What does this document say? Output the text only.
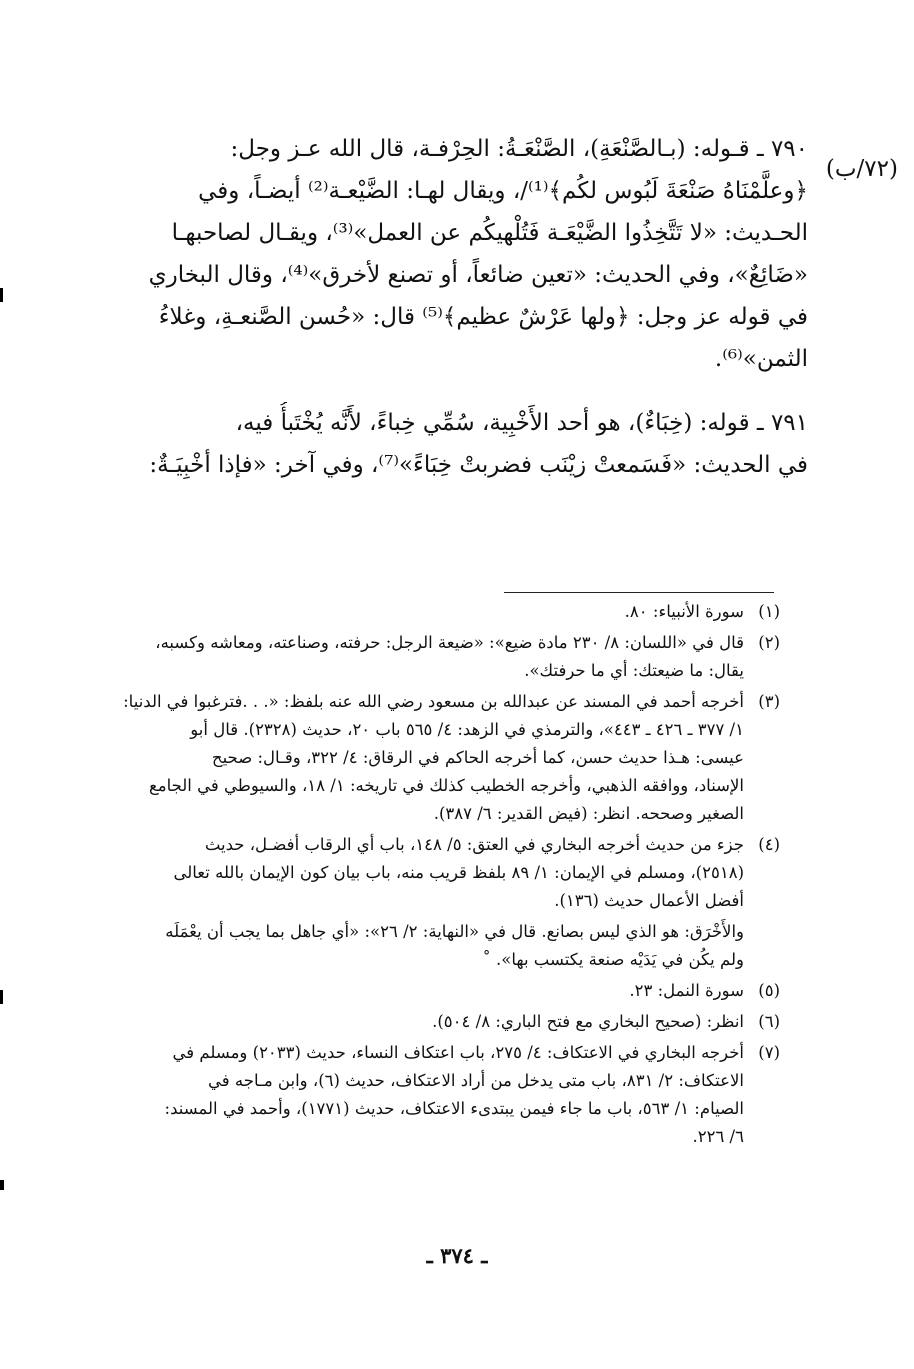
(٧٢/ب)

٧٩٠ ـ قـوله: (بـالصَّنْعَةِ)، الصَّنْعَـةُ: الحِرْفـة، قال الله عـز وجل:
﴿وعلَّمْنَاهُ صَنْعَةَ لَبُوس لكُم﴾⁽¹⁾/، ويقال لهـا: الضَّيْعـة⁽²⁾ أيضـاً، وفي
الحـديث: «لا تَتَّخِذُوا الضَّيْعَـة فَتُلْهيكُم عن العمل»⁽³⁾، ويقـال لصاحبهـا
«ضَائِعٌ»، وفي الحديث: «تعين ضائعاً، أو تصنع لأخرق»⁽⁴⁾، وقال البخاري
في قوله عز وجل: ﴿ولها عَرْشٌ عظيم﴾⁽⁵⁾ قال: «حُسن الصَّنعـةِ، وغلاءُ
الثمن»⁽⁶⁾.

٧٩١ ـ قوله: (خِبَاءٌ)، هو أحد الأَخْبِية، سُمِّي خِباءً، لأَنَّه يُخْتَبأُ فيه،
في الحديث: «فَسَمعتْ زيْنَب فضربتْ خِبَاءً»⁽⁷⁾، وفي آخر: «فإذا أخْبِيَـةٌ:

(١)
سورة الأنبياء: ٨٠.
(٢)
قال في «اللسان: ٨/ ٢٣٠ مادة ضيع»: «ضيعة الرجل: حرفته، وصناعته، ومعاشه وكسبه،
يقال: ما ضيعتك: أي ما حرفتك».
(٣)
أخرجه أحمد في المسند عن عبدالله بن مسعود رضي الله عنه بلفظ: «. . .فترغبوا في الدنيا:
١/ ٣٧٧ ـ ٤٢٦ ـ ٤٤٣»، والترمذي في الزهد: ٤/ ٥٦٥ باب ٢٠، حديث (٢٣٢٨). قال أبو
عيسى: هـذا حديث حسن، كما أخرجه الحاكم في الرقاق: ٤/ ٣٢٢، وقـال: صحيح
الإسناد، ووافقه الذهبي، وأخرجه الخطيب كذلك في تاريخه: ١/ ١٨، والسيوطي في الجامع
الصغير وصححه. انظر: (فيض القدير: ٦/ ٣٨٧).
(٤)
جزء من حديث أخرجه البخاري في العتق: ٥/ ١٤٨، باب أي الرقاب أفضـل، حديث
(٢٥١٨)، ومسلم في الإيمان: ١/ ٨٩ بلفظ قريب منه، باب بيان كون الإيمان بالله تعالى
أفضل الأعمال حديث (١٣٦).
والأَخْرَق: هو الذي ليس بصانع. قال في «النهاية: ٢/ ٢٦»: «أي جاهل بما يجب أن يعْمَلَه
ولم يكُن في يَدَيْه صنعة يكتسب بها». ˚
(٥)
سورة النمل: ٢٣.
(٦)
انظر: (صحيح البخاري مع فتح الباري: ٨/ ٥٠٤).
(٧)
أخرجه البخاري في الاعتكاف: ٤/ ٢٧٥، باب اعتكاف النساء، حديث (٢٠٣٣) ومسلم في
الاعتكاف: ٢/ ٨٣١، باب متى يدخل من أراد الاعتكاف، حديث (٦)، وابن مـاجه في
الصيام: ١/ ٥٦٣، باب ما جاء فيمن يبتدىء الاعتكاف، حديث (١٧٧١)، وأحمد في المسند:
٦/ ٢٢٦.
ـ ٣٧٤ ـ
